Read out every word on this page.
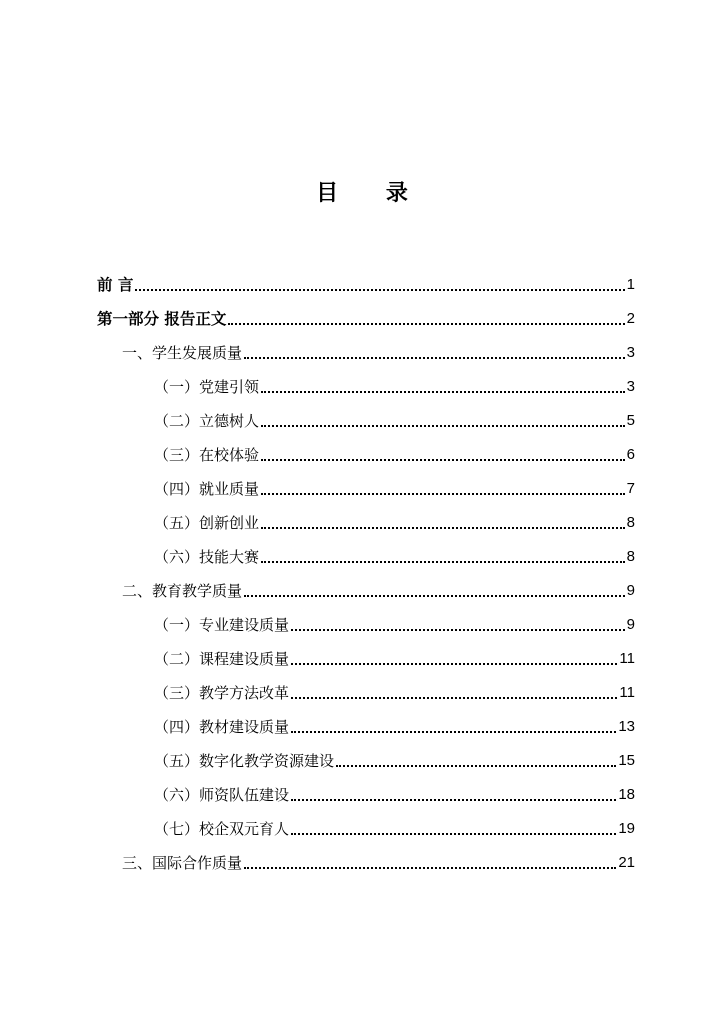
目 录
前 言	1
第一部分 报告正文	2
一、学生发展质量	3
（一）党建引领	3
（二）立德树人	5
（三）在校体验	6
（四）就业质量	7
（五）创新创业	8
（六）技能大赛	8
二、教育教学质量	9
（一）专业建设质量	9
（二）课程建设质量	11
（三）教学方法改革	11
（四）教材建设质量	13
（五）数字化教学资源建设	15
（六）师资队伍建设	18
（七）校企双元育人	19
三、国际合作质量	21
